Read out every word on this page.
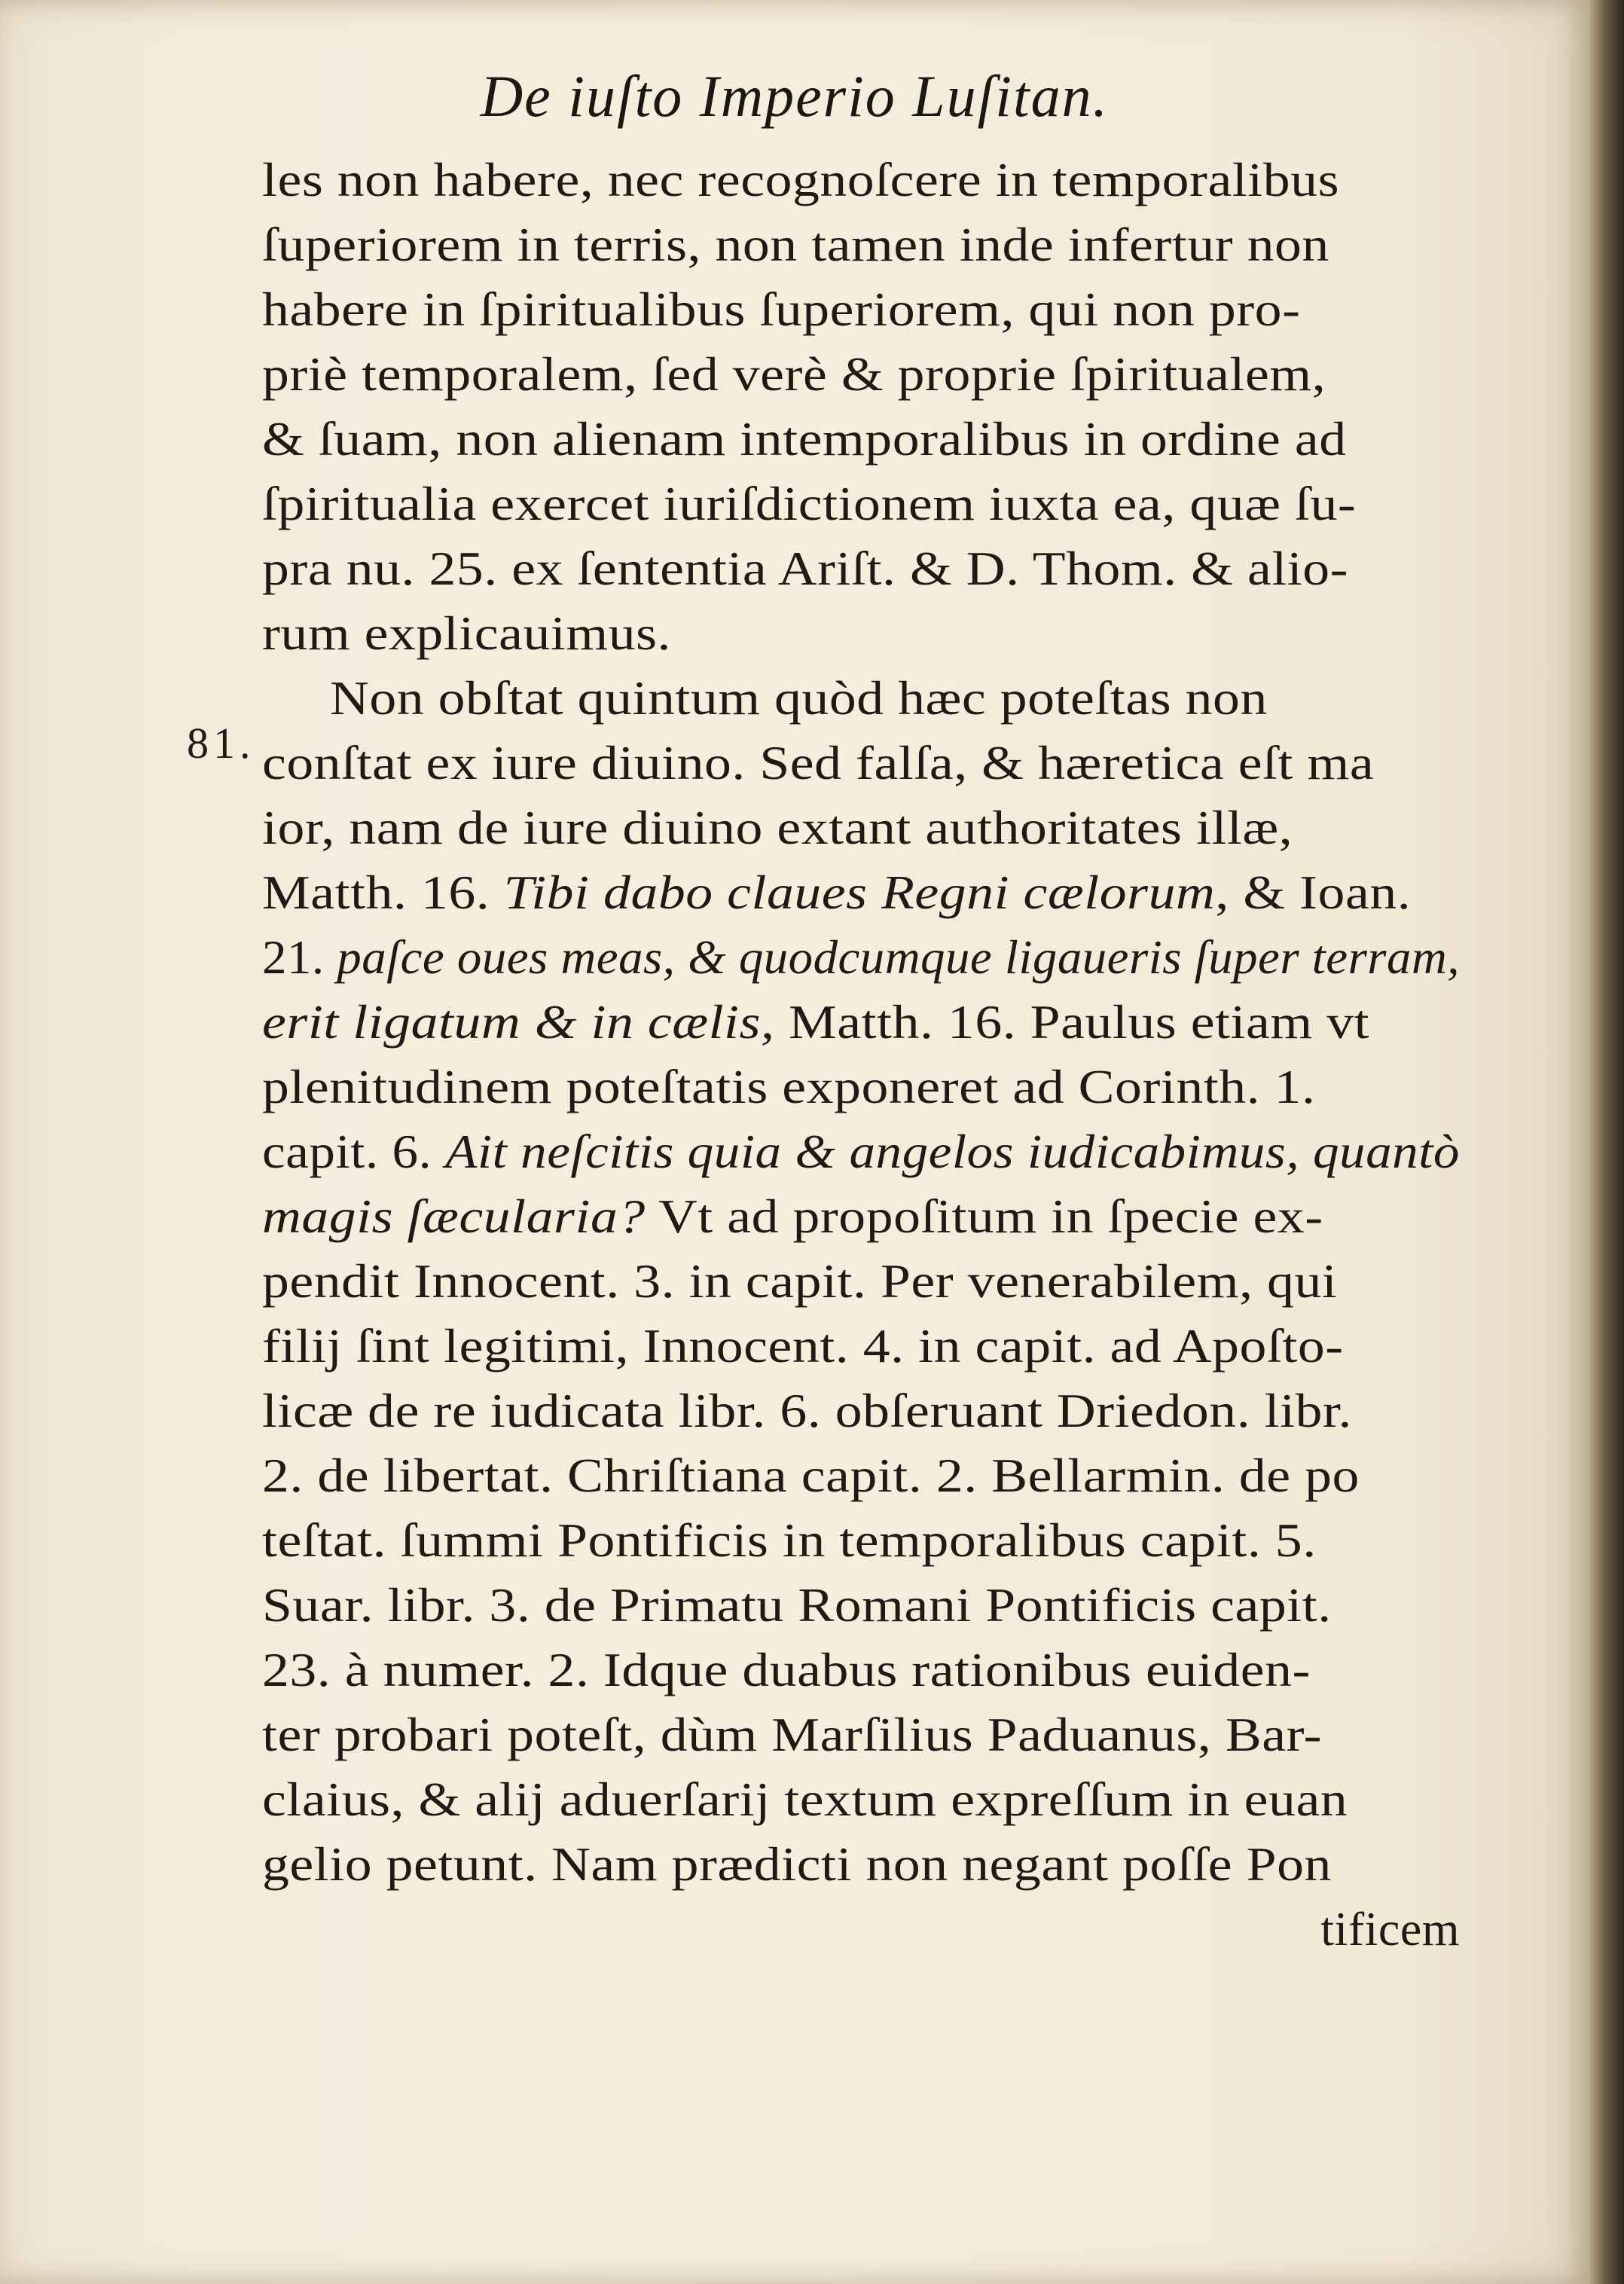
De iuſto Imperio Luſitan.
81.
les non habere, nec recognoſcere in temporalibus
ſuperiorem in terris, non tamen inde infertur non
habere in ſpiritualibus ſuperiorem, qui non pro-
priè temporalem, ſed verè & proprie ſpiritualem,
& ſuam, non alienam intemporalibus in ordine ad
ſpiritualia exercet iuriſdictionem iuxta ea, quæ ſu-
pra nu. 25. ex ſententia Ariſt. & D. Thom. & alio-
rum explicauimus.
Non obſtat quintum quòd hæc poteſtas non
conſtat ex iure diuino. Sed falſa, & hæretica eſt ma
ior, nam de iure diuino extant authoritates illæ,
Matth. 16. Tibi dabo claues Regni cælorum, & Ioan.
21. paſce oues meas, & quodcumque ligaueris ſuper terram,
erit ligatum & in cælis, Matth. 16. Paulus etiam vt
plenitudinem poteſtatis exponeret ad Corinth. 1.
capit. 6. Ait neſcitis quia & angelos iudicabimus, quantò
magis ſæcularia? Vt ad propoſitum in ſpecie ex-
pendit Innocent. 3. in capit. Per venerabilem, qui
filij ſint legitimi, Innocent. 4. in capit. ad Apoſto-
licæ de re iudicata libr. 6. obſeruant Driedon. libr.
2. de libertat. Chriſtiana capit. 2. Bellarmin. de po
teſtat. ſummi Pontificis in temporalibus capit. 5.
Suar. libr. 3. de Primatu Romani Pontificis capit.
23. à numer. 2. Idque duabus rationibus euiden-
ter probari poteſt, dùm Marſilius Paduanus, Bar-
claius, & alij aduerſarij textum expreſſum in euan
gelio petunt. Nam prædicti non negant poſſe Pon
tificem
